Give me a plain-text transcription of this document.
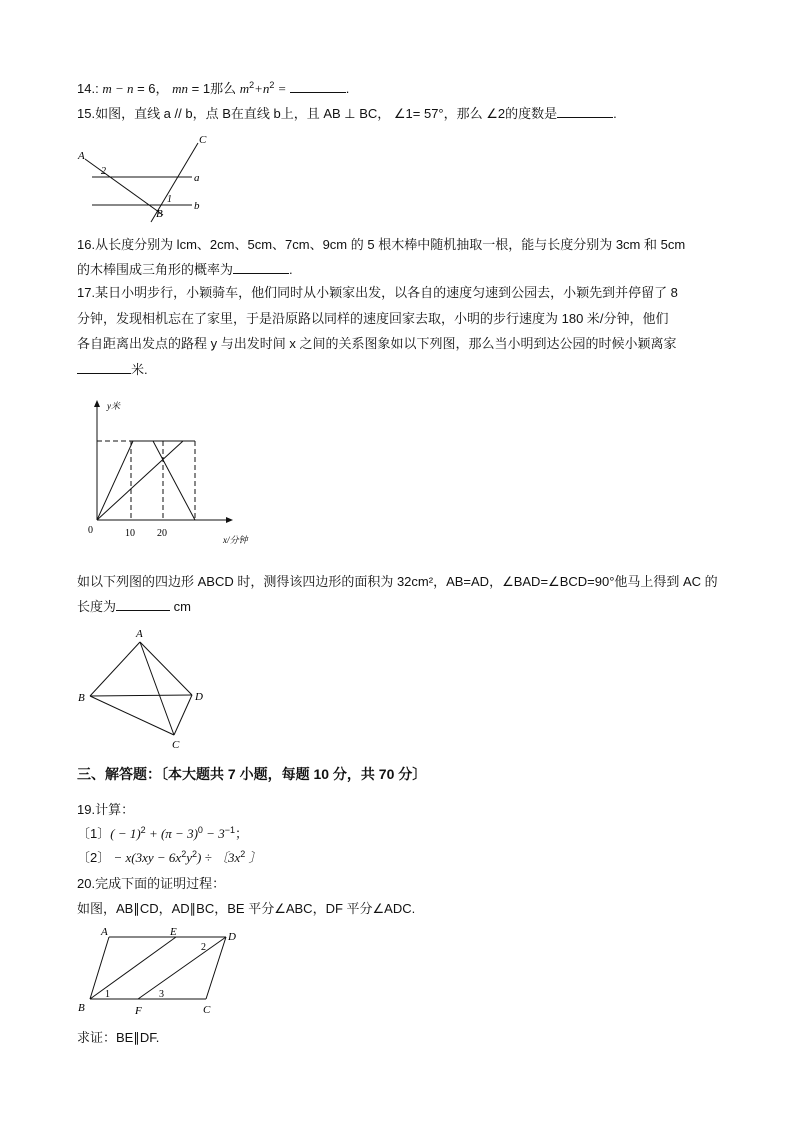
14.: m − n = 6， mn = 1那么 $m^2+n^2$ =	.
15.如图，直线 a // b，点 B在直线 b上，且 AB ⊥ BC， ∠1= 57°，那么 ∠2的度数是	.
A
C
a
b
B
1
2
16.从长度分别为 lcm、2cm、5cm、7cm、9cm 的 5 根木棒中随机抽取一根，能与长度分别为 3cm 和 5cm
的木棒围成三角形的概率为	.
17.某日小明步行，小颖骑车，他们同时从小颖家出发，以各自的速度匀速到公园去，小颖先到并停留了 8
分钟，发现相机忘在了家里，于是沿原路以同样的速度回家去取，小明的步行速度为 180 米/分钟，他们
各自距离出发点的路程 y 与出发时间 x 之间的关系图象如以下列图，那么当小明到达公园的时候小颖离家
米.
y米
x/分钟
0	10 20
如以下列图的四边形 ABCD 时，测得该四边形的面积为 32cm²，AB=AD，∠BAD=∠BCD=90°他马上得到 AC 的
长度为	cm
A
B
C
D
三、解答题：〔本大题共 7 小题，每题 10 分，共 70 分〕
19.计算：
〔1〕( − $1)^2 + (\pi - 3)^0 - 3^{-1}$；
〔2〕 − $x(3xy - 6x^2y^2)$ ÷ 〔$3x^2$ 〕
20.完成下面的证明过程：
如图，AB∥CD，AD∥BC，BE 平分∠ABC，DF 平分∠ADC.
A	E	D
2
B
1
F
3
C
求证：BE∥DF.
